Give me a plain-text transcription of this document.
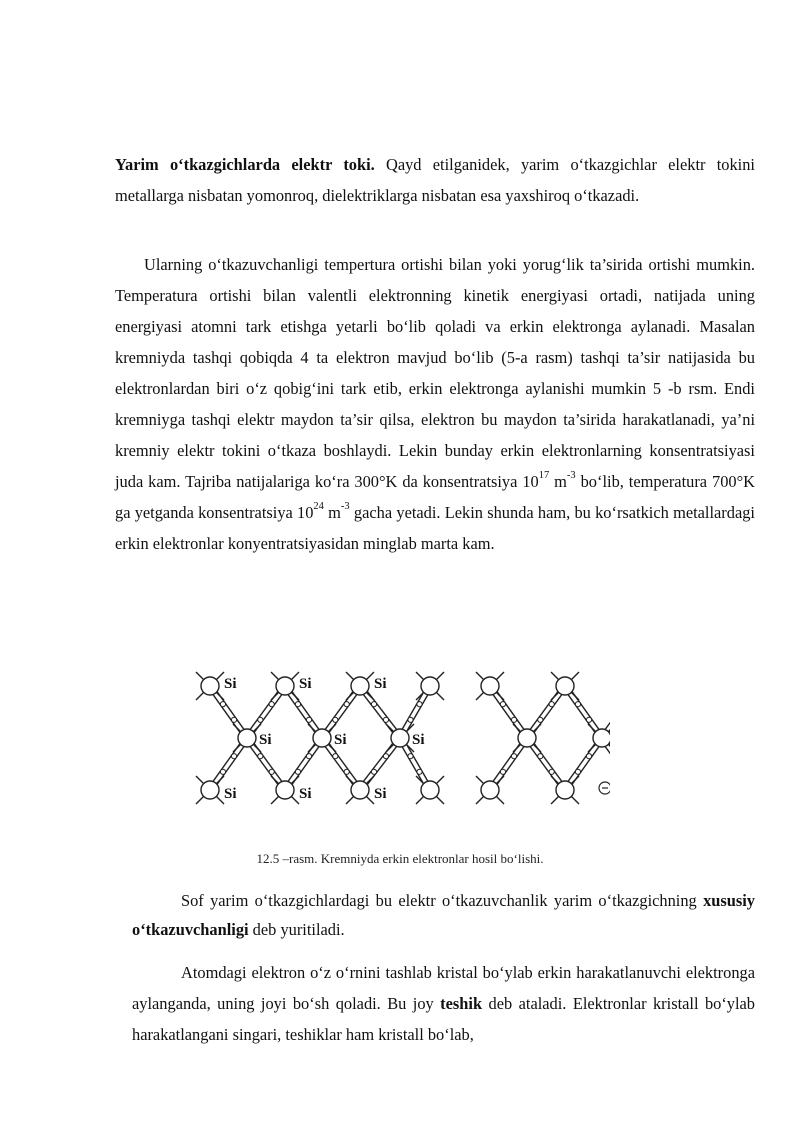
Yarim o‘tkazgichlarda elektr toki. Qayd etilganidek, yarim o‘tkazgichlar elektr tokini metallarga nisbatan yomonroq, dielektriklarga nisbatan esa yaxshiroq o‘tkazadi.

Ularning o‘tkazuvchanligi tempertura ortishi bilan yoki yorug‘lik ta’sirida ortishi mumkin. Temperatura ortishi bilan valentli elektronning kinetik energiyasi ortadi, natijada uning energiyasi atomni tark etishga yetarli bo‘lib qoladi va erkin elektronga aylanadi. Masalan kremniyda tashqi qobiqda 4 ta elektron mavjud bo‘lib (5-a rasm) tashqi ta’sir natijasida bu elektronlardan biri o‘z qobig‘ini tark etib, erkin elektronga aylanishi mumkin 5 -b rsm. Endi kremniyga tashqi elektr maydon ta’sir qilsa, elektron bu maydon ta’sirida harakatlanadi, ya’ni kremniy elektr tokini o‘tkaza boshlaydi. Lekin bunday erkin elektronlarning konsentratsiyasi juda kam. Tajriba natijalariga ko‘ra 300°K da konsentratsiya $10^{17}$ $m^{-3}$ bo‘lib, temperatura 700°K ga yetganda konsentratsiya $10^{24}$ $m^{-3}$ gacha yetadi. Lekin shunda ham, bu ko‘rsatkich metallardagi erkin elektronlar konyentratsiyasidan minglab marta kam.

Si
Si
Si
Si
Si
Si
Si	Si	Si
12.5 –rasm. Kremniyda erkin elektronlar hosil bo‘lishi.

Sof yarim o‘tkazgichlardagi bu elektr o‘tkazuvchanlik yarim o‘tkazgichning xususiy o‘tkazuvchanligi deb yuritiladi.

Atomdagi elektron o‘z o‘rnini tashlab kristal bo‘ylab erkin harakatlanuvchi elektronga aylanganda, uning joyi bo‘sh qoladi. Bu joy teshik deb ataladi. Elektronlar kristall bo‘ylab harakatlangani singari, teshiklar ham kristall bo‘lab,
